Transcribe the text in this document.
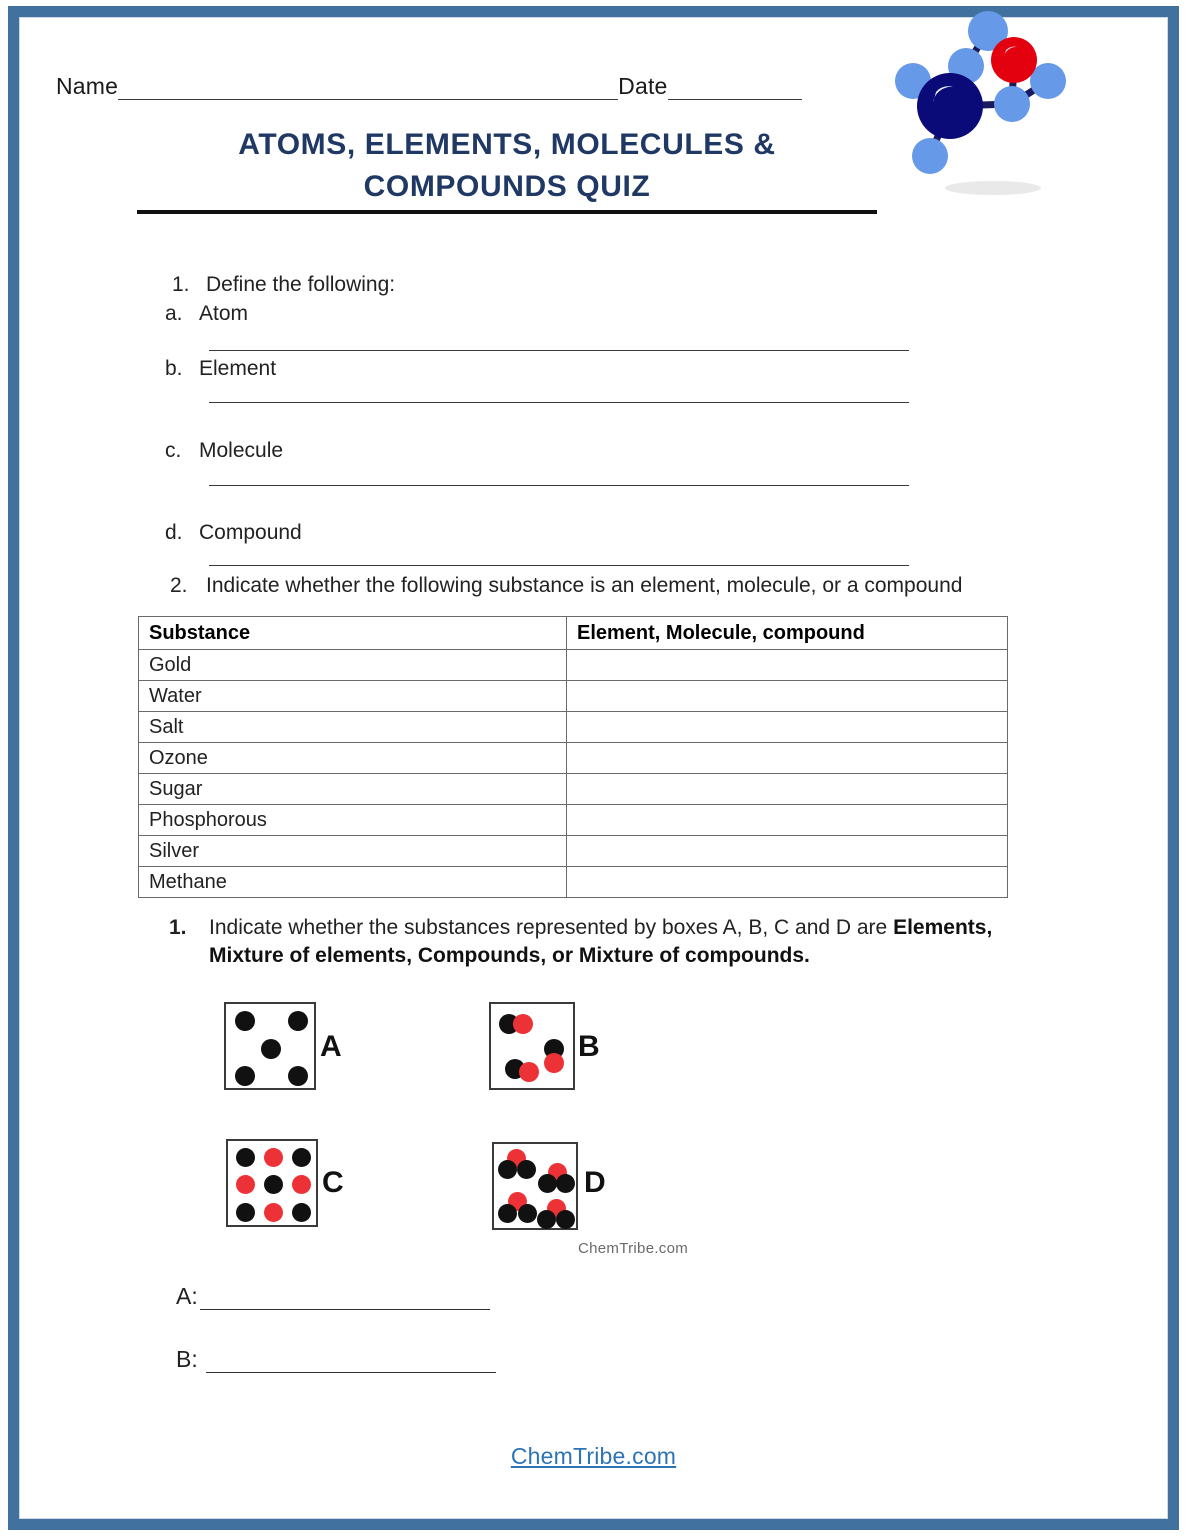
Name	Date
ATOMS, ELEMENTS, MOLECULES &
COMPOUNDS QUIZ
1. Define the following:
a. Atom
b. Element
c. Molecule
d. Compound
2. Indicate whether the following substance is an element, molecule, or a compound
Substance	Element, Molecule, compound
Gold	
Water	
Salt	
Ozone	
Sugar	
Phosphorous	
Silver	
Methane	
1.	Indicate whether the substances represented by boxes A, B, C and D are Elements, Mixture of elements, Compounds, or Mixture of compounds.
A	B
C	D
ChemTribe.com
A:
B:
ChemTribe.com
